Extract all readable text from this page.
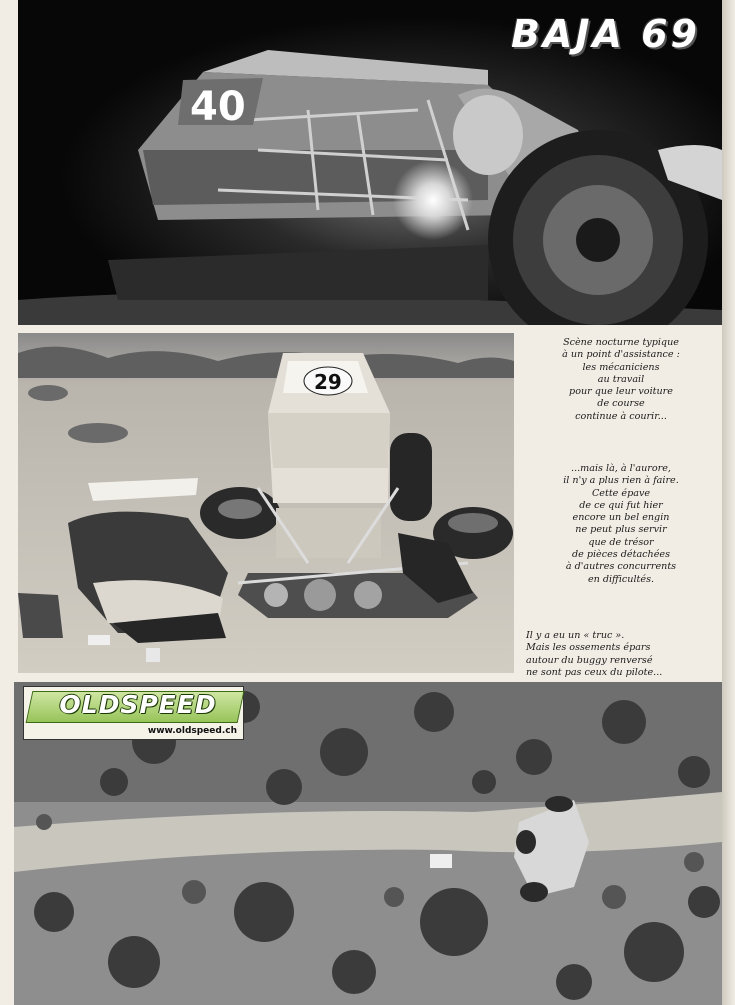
40
BAJA 69
29

Scène nocturne typique
à un point d'assistance :
les mécaniciens
au travail
pour que leur voiture
de course
continue à courir...

...mais là, à l'aurore,
il n'y a plus rien à faire.
Cette épave
de ce qui fut hier
encore un bel engin
ne peut plus servir
que de trésor
de pièces détachées
à d'autres concurrents
en difficultés.

Il y a eu un « truc ».
Mais les ossements épars
autour du buggy renversé
ne sont pas ceux du pilote...

OLDSPEED
www.oldspeed.ch
